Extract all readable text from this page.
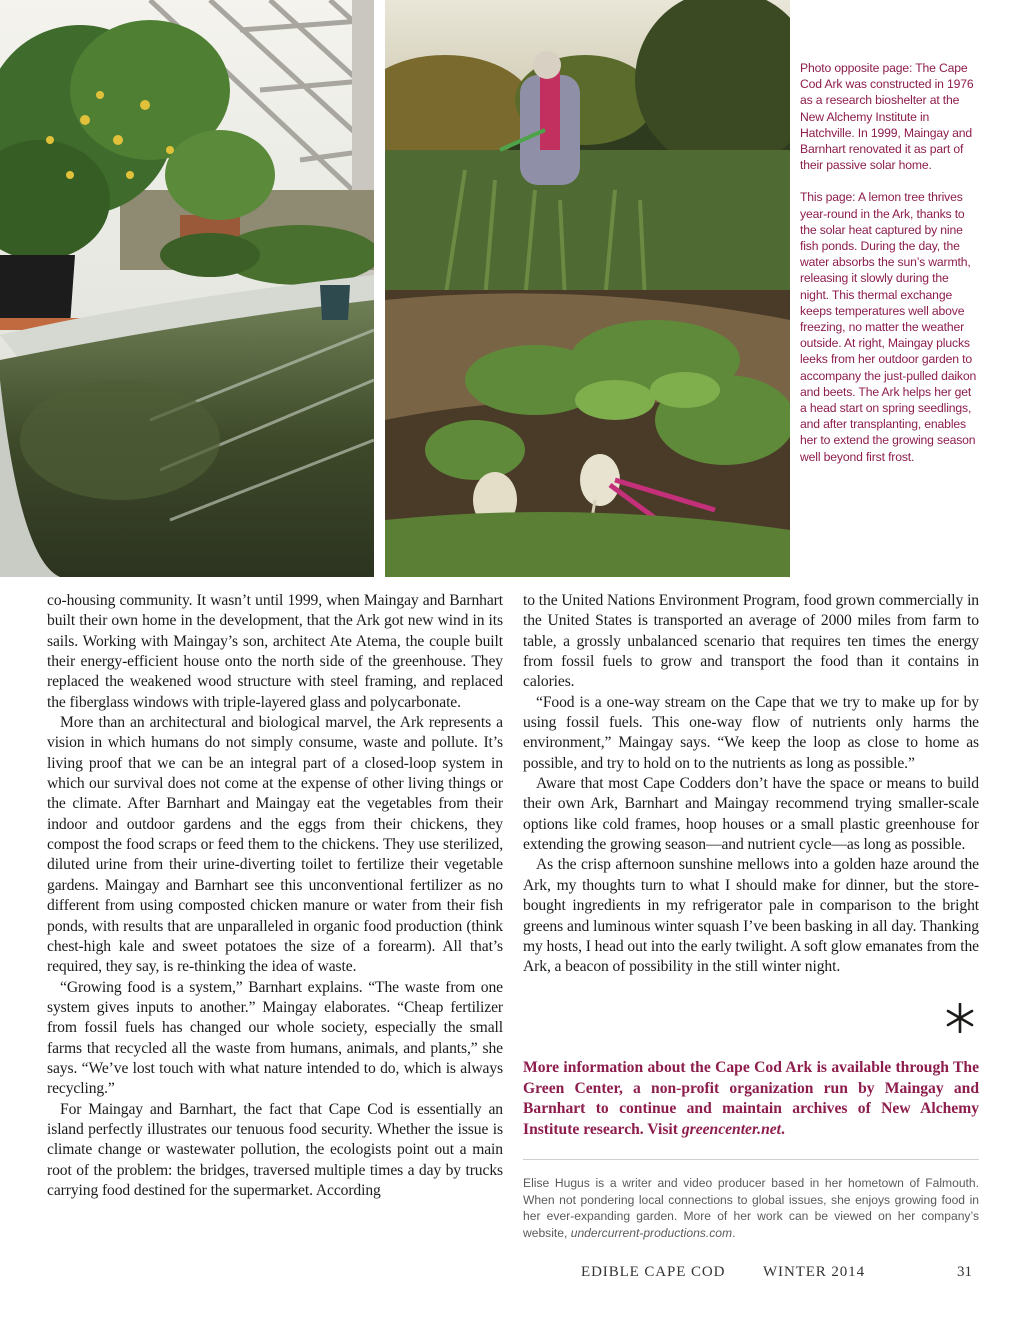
Photo opposite page: The Cape Cod Ark was constructed in 1976 as a research bioshelter at the New Alchemy Institute in Hatchville. In 1999, Maingay and Barnhart renovated it as part of their passive solar home.

This page: A lemon tree thrives year-round in the Ark, thanks to the solar heat captured by nine fish ponds. During the day, the water absorbs the sun’s warmth, releasing it slowly during the night. This thermal exchange keeps temperatures well above freezing, no matter the weather outside. At right, Maingay plucks leeks from her outdoor garden to accompany the just-pulled daikon and beets. The Ark helps her get a head start on spring seedlings, and after transplanting, enables her to extend the growing season well beyond first frost.

co-housing community. It wasn’t until 1999, when Maingay and Barnhart built their own home in the development, that the Ark got new wind in its sails. Working with Maingay’s son, architect Ate Atema, the couple built their energy-efficient house onto the north side of the greenhouse. They replaced the weakened wood structure with steel framing, and replaced the fiberglass windows with triple-layered glass and polycarbonate.

More than an architectural and biological marvel, the Ark represents a vision in which humans do not simply consume, waste and pollute. It’s living proof that we can be an integral part of a closed-loop system in which our survival does not come at the expense of other living things or the climate. After Barnhart and Maingay eat the vegetables from their indoor and outdoor gardens and the eggs from their chickens, they compost the food scraps or feed them to the chickens. They use sterilized, diluted urine from their urine-diverting toilet to fertilize their vegetable gardens. Maingay and Barnhart see this unconventional fertilizer as no different from using composted chicken manure or water from their fish ponds, with results that are unparalleled in organic food production (think chest-high kale and sweet potatoes the size of a forearm). All that’s required, they say, is re-thinking the idea of waste.

“Growing food is a system,” Barnhart explains. “The waste from one system gives inputs to another.” Maingay elaborates. “Cheap fertilizer from fossil fuels has changed our whole society, especially the small farms that recycled all the waste from humans, animals, and plants,” she says. “We’ve lost touch with what nature intended to do, which is always recycling.”

For Maingay and Barnhart, the fact that Cape Cod is essentially an island perfectly illustrates our tenuous food security. Whether the issue is climate change or wastewater pollution, the ecologists point out a main root of the problem: the bridges, traversed multiple times a day by trucks carrying food destined for the supermarket. According

to the United Nations Environment Program, food grown commercially in the United States is transported an average of 2000 miles from farm to table, a grossly unbalanced scenario that requires ten times the energy from fossil fuels to grow and transport the food than it contains in calories.

“Food is a one-way stream on the Cape that we try to make up for by using fossil fuels. This one-way flow of nutrients only harms the environment,” Maingay says. “We keep the loop as close to home as possible, and try to hold on to the nutrients as long as possible.”

Aware that most Cape Codders don’t have the space or means to build their own Ark, Barnhart and Maingay recommend trying smaller-scale options like cold frames, hoop houses or a small plastic greenhouse for extending the growing season—and nutrient cycle—as long as possible.

As the crisp afternoon sunshine mellows into a golden haze around the Ark, my thoughts turn to what I should make for dinner, but the store-bought ingredients in my refrigerator pale in comparison to the bright greens and luminous winter squash I’ve been basking in all day. Thanking my hosts, I head out into the early twilight. A soft glow emanates from the Ark, a beacon of possibility in the still winter night.

More information about the Cape Cod Ark is available through The Green Center, a non-profit organization run by Maingay and Barnhart to continue and maintain archives of New Alchemy Institute research. Visit greencenter.net.
Elise Hugus is a writer and video producer based in her hometown of Falmouth. When not pondering local connections to global issues, she enjoys growing food in her ever-expanding garden. More of her work can be viewed on her company’s website, undercurrent-productions.com.
EDIBLE CAPE COD	WINTER 2014	31
